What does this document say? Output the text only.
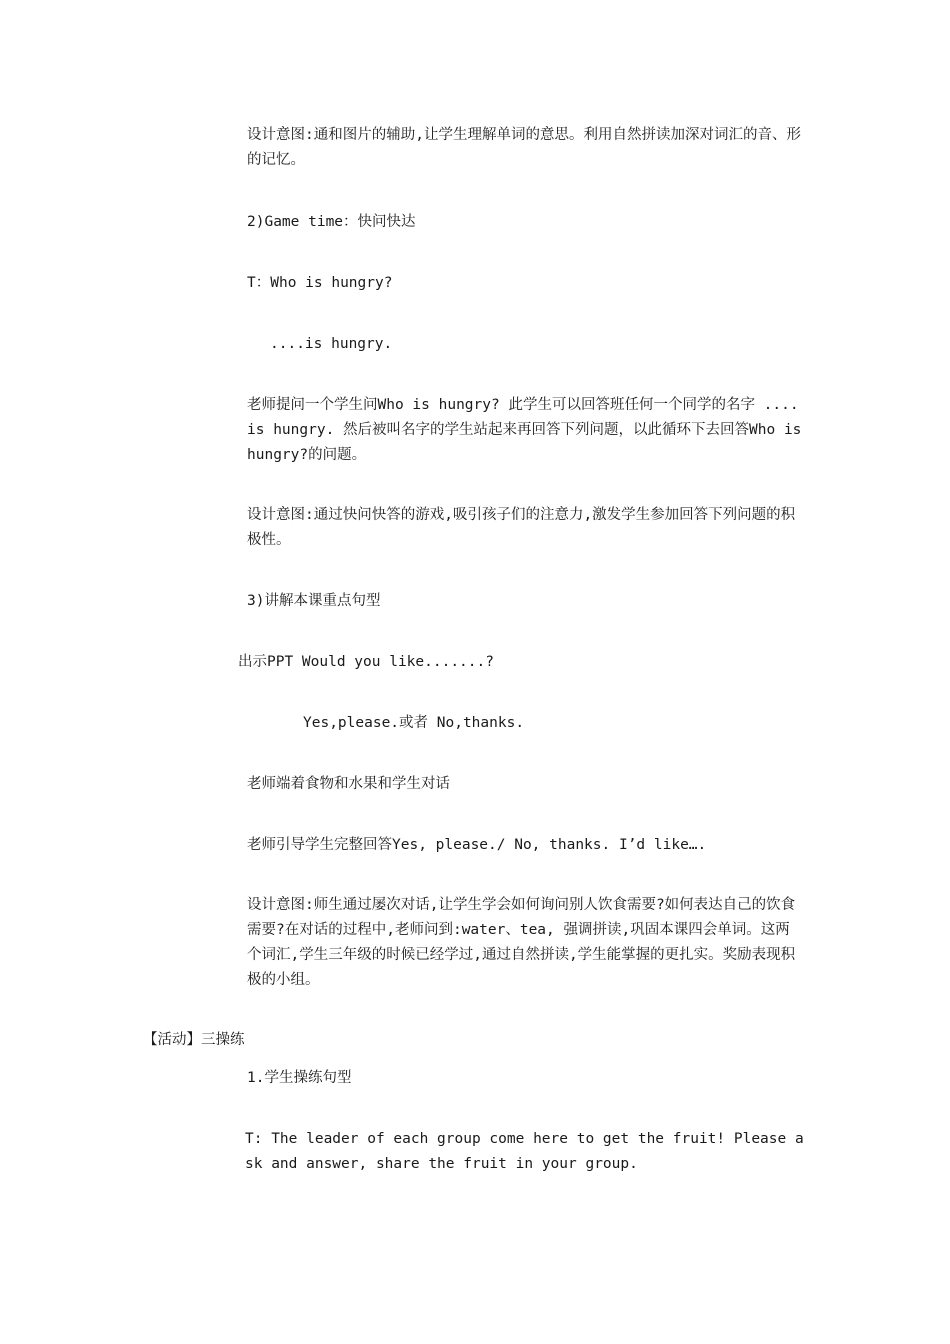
设计意图:通和图片的辅助,让学生理解单词的意思。利用自然拼读加深对词汇的音、形的记忆。
2)Game time：快问快达
T：Who is hungry?
....is hungry.
老师提问一个学生问Who is hungry? 此学生可以回答班任何一个同学的名字 ....is hungry. 然后被叫名字的学生站起来再回答下列问题，以此循环下去回答Who is hungry?的问题。
设计意图:通过快问快答的游戏,吸引孩子们的注意力,激发学生参加回答下列问题的积极性。
3)讲解本课重点句型
出示PPT Would you like.......?
Yes,please.或者 No,thanks.
老师端着食物和水果和学生对话
老师引导学生完整回答Yes, please./ No, thanks. I’d like….
设计意图:师生通过屡次对话,让学生学会如何询问别人饮食需要?如何表达自己的饮食需要?在对话的过程中,老师问到:water、tea, 强调拼读,巩固本课四会单词。这两个词汇,学生三年级的时候已经学过,通过自然拼读,学生能掌握的更扎实。奖励表现积极的小组。
【活动】三操练
1.学生操练句型
T: The leader of each group come here to get the fruit! Please ask and answer, share the fruit in your group.
